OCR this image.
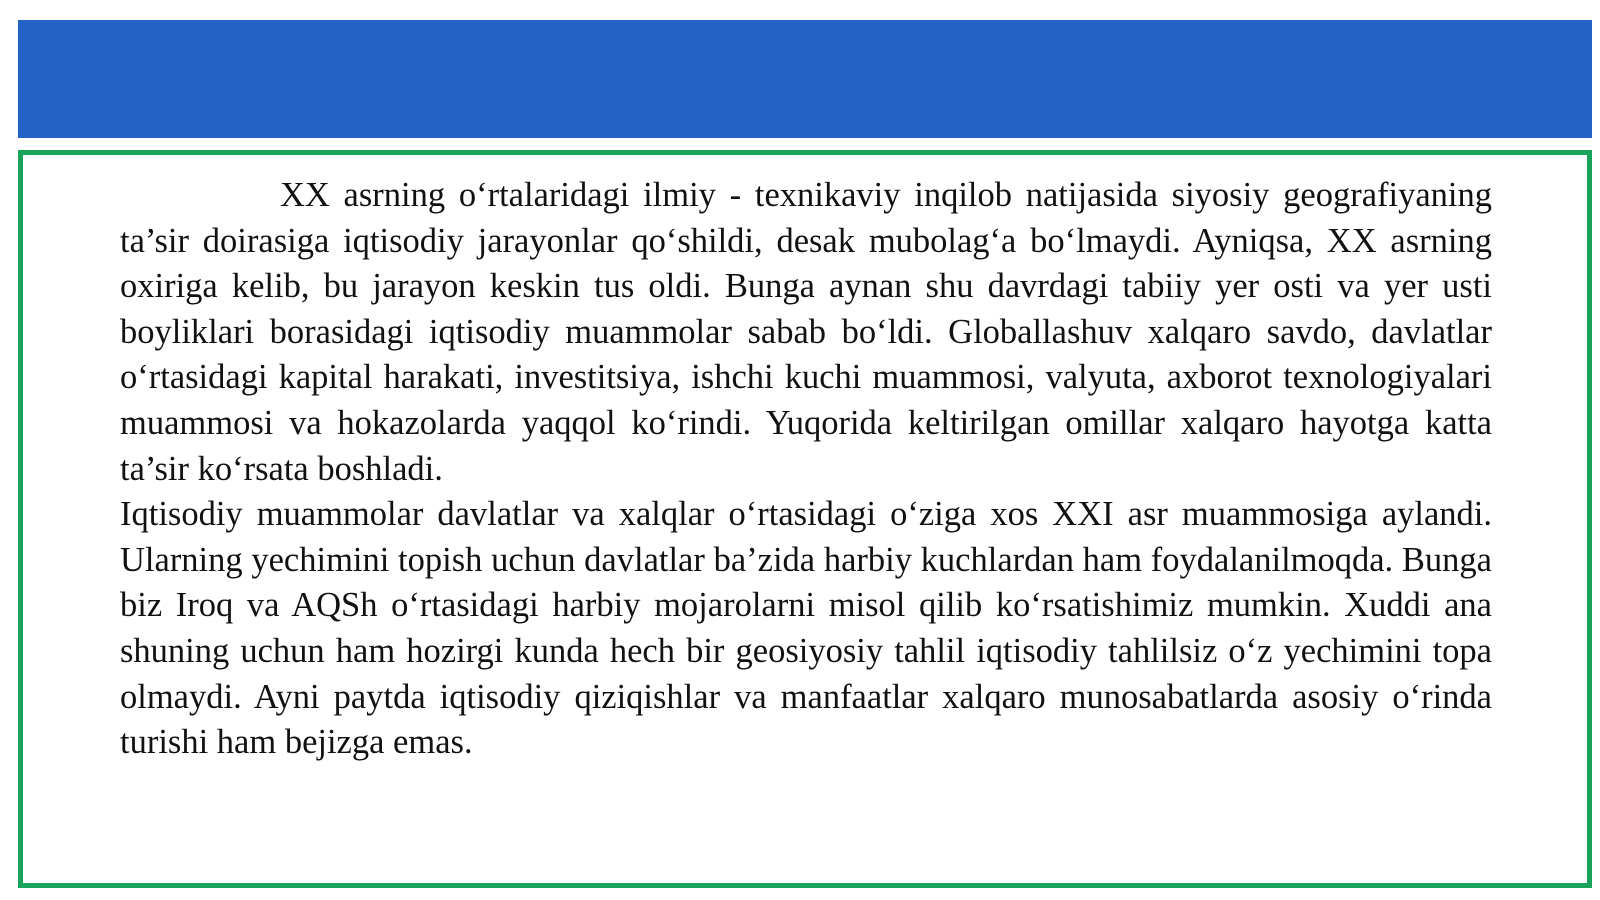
XX asrning o‘rtalaridagi ilmiy - texnikaviy inqilob natijasida siyosiy geografiyaning ta’sir doirasiga iqtisodiy jarayonlar qo‘shildi, desak mubolag‘a bo‘lmaydi. Ayniqsa, XX asrning oxiriga kelib, bu jarayon keskin tus oldi. Bunga aynan shu davrdagi tabiiy yer osti va yer usti boyliklari borasidagi iqtisodiy muammolar sabab bo‘ldi. Globallashuv xalqaro savdo, davlatlar o‘rtasidagi kapital harakati, investitsiya, ishchi kuchi muammosi, valyuta, axborot texnologiyalari muammosi va hokazolarda yaqqol ko‘rindi. Yuqorida keltirilgan omillar xalqaro hayotga katta ta’sir ko‘rsata boshladi.

Iqtisodiy muammolar davlatlar va xalqlar o‘rtasidagi o‘ziga xos XXI asr muammosiga aylandi. Ularning yechimini topish uchun davlatlar ba’zida harbiy kuchlardan ham foydalanilmoqda. Bunga biz Iroq va AQSh o‘rtasidagi harbiy mojarolarni misol qilib ko‘rsatishimiz mumkin. Xuddi ana shuning uchun ham hozirgi kunda hech bir geosiyosiy tahlil iqtisodiy tahlilsiz o‘z yechimini topa olmaydi. Ayni paytda iqtisodiy qiziqishlar va manfaatlar xalqaro munosabatlarda asosiy o‘rinda turishi ham bejizga emas.
